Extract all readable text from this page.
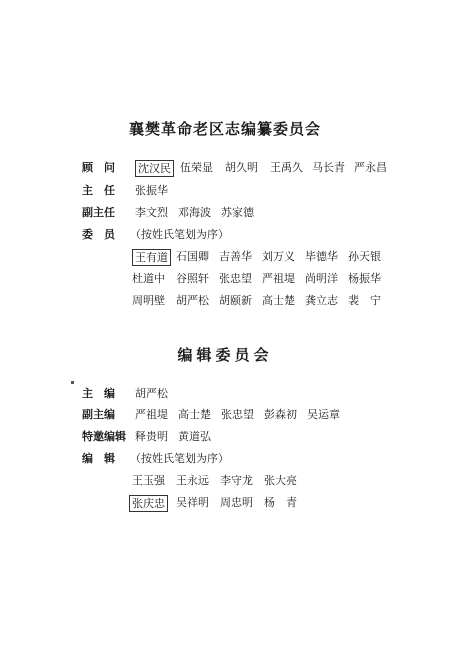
襄樊革命老区志编纂委员会
顾　问 沈汉民 伍荣显 胡久明 王禹久 马长青 严永昌
主　任 张振华
副主任 李文烈 邓海波 苏家德
委　员 （按姓氏笔划为序）
王有道 石国卿 吉善华 刘万义 毕德华 孙天银
杜道中 谷照轩 张忠望 严祖堤 尚明洋 杨振华
周明壁 胡严松 胡颐新 高士楚 龚立志 裴　宁
编辑委员会
主　编 胡严松
副主编 严祖堤 高士楚 张忠望 彭森初 吴运章
特邀编辑 释贵明 黄道弘
编　辑 （按姓氏笔划为序）
王玉强 王永远 李守龙 张大亮
张庆忠 吴祥明 周忠明 杨　青
